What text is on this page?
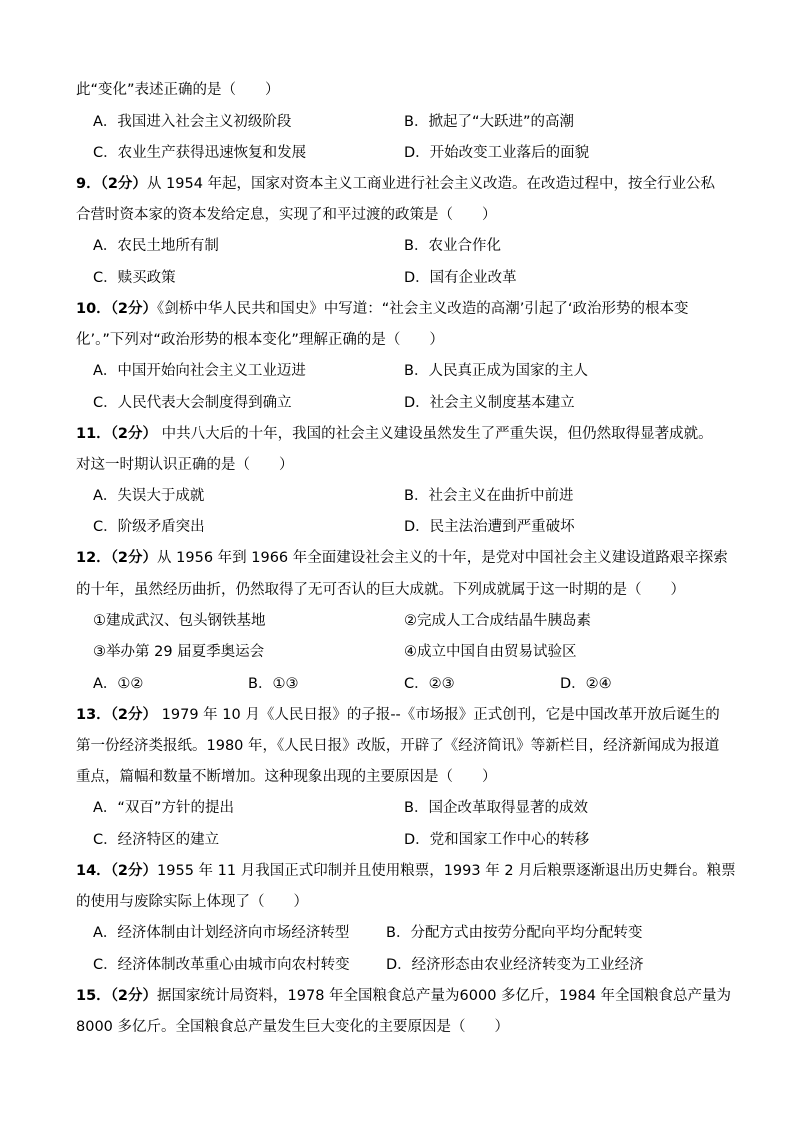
此“变化”表述正确的是（　　）
A．我国进入社会主义初级阶段	B．掀起了“大跃进”的高潮
C．农业生产获得迅速恢复和发展	D．开始改变工业落后的面貌
9．（2分）从 1954 年起，国家对资本主义工商业进行社会主义改造。在改造过程中，按全行业公私
合营时资本家的资本发给定息，实现了和平过渡的政策是（　　）
A．农民土地所有制	B．农业合作化
C．赎买政策	D．国有企业改革
10．（2分）《剑桥中华人民共和国史》中写道：“社会主义改造的高潮’引起了‘政治形势的根本变
化’。”下列对“政治形势的根本变化”理解正确的是（　　）
A．中国开始向社会主义工业迈进	B．人民真正成为国家的主人
C．人民代表大会制度得到确立	D．社会主义制度基本建立
11．（2分） 中共八大后的十年，我国的社会主义建设虽然发生了严重失误，但仍然取得显著成就。
对这一时期认识正确的是（　　）
A．失误大于成就	B．社会主义在曲折中前进
C．阶级矛盾突出	D．民主法治遭到严重破坏
12．（2分）从 1956 年到 1966 年全面建设社会主义的十年，是党对中国社会主义建设道路艰辛探索
的十年，虽然经历曲折，仍然取得了无可否认的巨大成就。下列成就属于这一时期的是（　　）
①建成武汉、包头钢铁基地	②完成人工合成结晶牛胰岛素
③举办第 29 届夏季奥运会	④成立中国自由贸易试验区
A．①②	B．①③	C．②③	D．②④
13．（2分） 1979 年 10 月《人民日报》的子报--《市场报》正式创刊，它是中国改革开放后诞生的
第一份经济类报纸。1980 年，《人民日报》改版，开辟了《经济简讯》等新栏目，经济新闻成为报道
重点，篇幅和数量不断增加。这种现象出现的主要原因是（　　）
A．“双百”方针的提出	B．国企改革取得显著的成效
C．经济特区的建立	D．党和国家工作中心的转移
14．（2分）1955 年 11 月我国正式印制并且使用粮票，1993 年 2 月后粮票逐渐退出历史舞台。粮票
的使用与废除实际上体现了（　　）
A．经济体制由计划经济向市场经济转型	B．分配方式由按劳分配向平均分配转变
C．经济体制改革重心由城市向农村转变	D．经济形态由农业经济转变为工业经济
15．（2分）据国家统计局资料，1978 年全国粮食总产量为6000 多亿斤，1984 年全国粮食总产量为
8000 多亿斤。全国粮食总产量发生巨大变化的主要原因是（　　）
